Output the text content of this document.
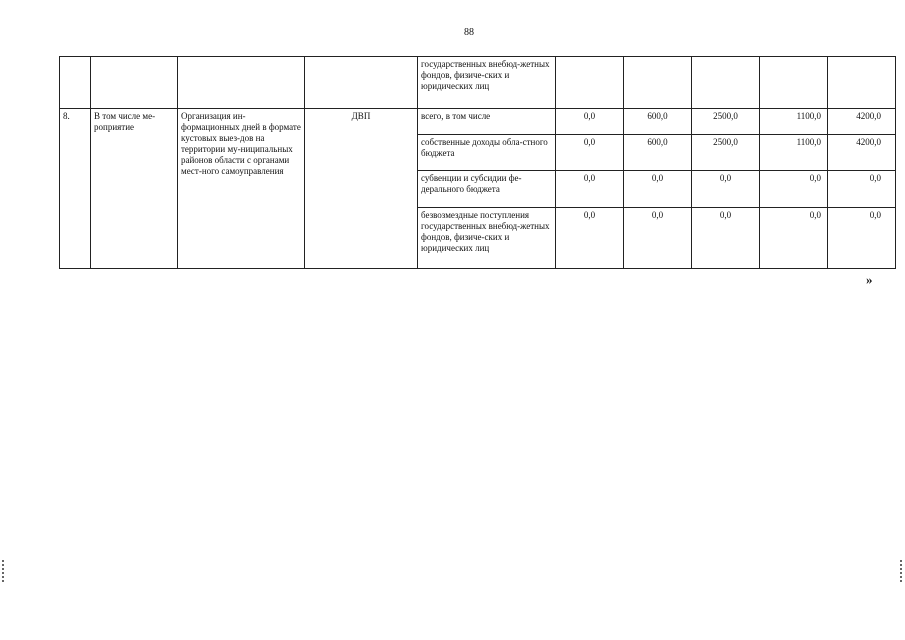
88
				государственных внебюд-жетных фондов, физиче-ских и юридических лиц					
8.	В том числе ме-роприятие	Организация ин-формационных дней в формате кустовых выез-дов на территории му-ниципальных районов области с органами мест-ного самоуправления	ДВП	всего, в том числе	0,0	600,0	2500,0	1100,0	4200,0
				собственные доходы обла-стного бюджета	0,0	600,0	2500,0	1100,0	4200,0
				субвенции и субсидии фе-дерального бюджета	0,0	0,0	0,0	0,0	0,0
				безвозмездные поступления государственных внебюд-жетных фондов, физиче-ских и юридических лиц	0,0	0,0	0,0	0,0	0,0
»
